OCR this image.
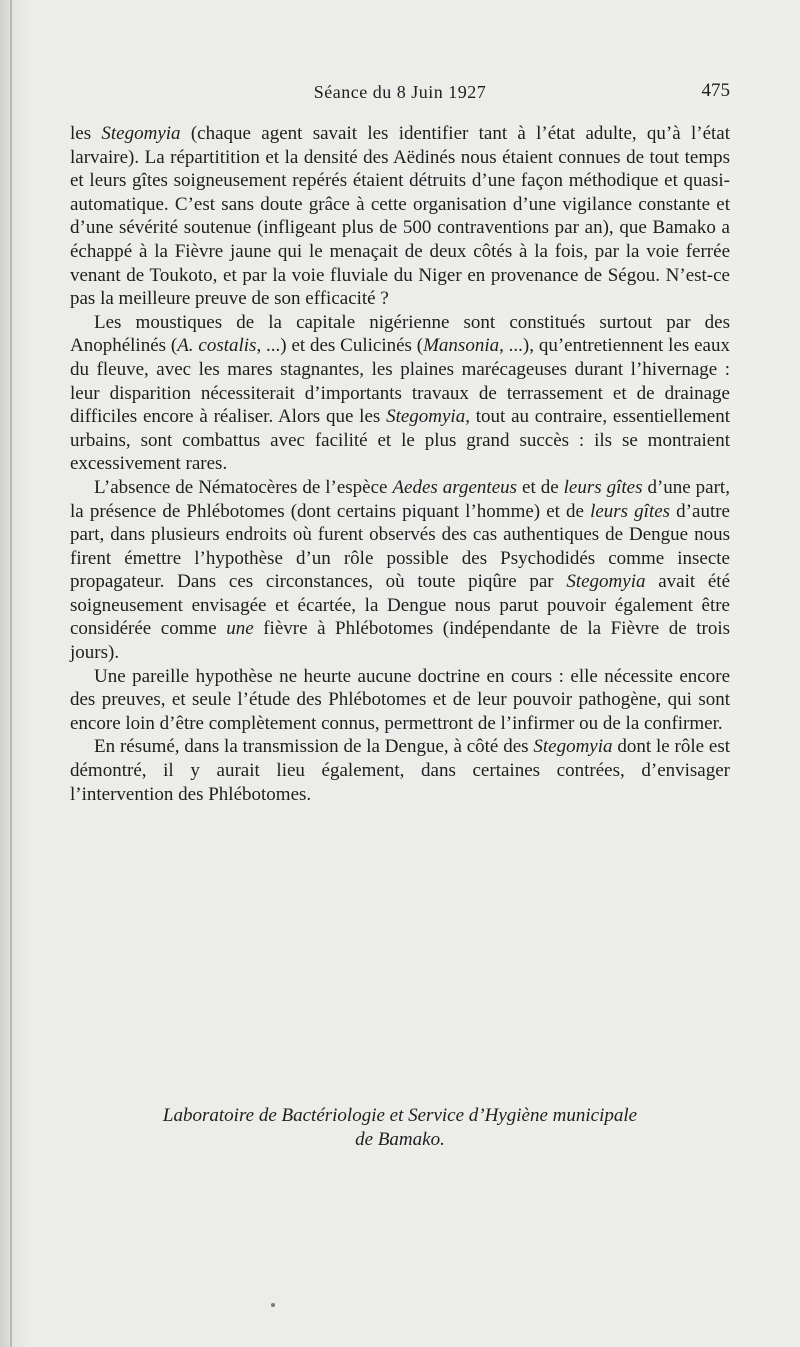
Séance du 8 Juin 1927	475

les Stegomyia (chaque agent savait les identifier tant à l’état adulte, qu’à l’état larvaire). La répartitition et la densité des Aëdinés nous étaient connues de tout temps et leurs gîtes soigneusement repérés étaient détruits d’une façon méthodique et quasi-automatique. C’est sans doute grâce à cette organisation d’une vigilance constante et d’une sévérité soutenue (infligeant plus de 500 contraventions par an), que Bamako a échappé à la Fièvre jaune qui le menaçait de deux côtés à la fois, par la voie ferrée venant de Toukoto, et par la voie fluviale du Niger en provenance de Ségou. N’est-ce pas la meilleure preuve de son efficacité ?

Les moustiques de la capitale nigérienne sont constitués surtout par des Anophélinés (A. costalis, ...) et des Culicinés (Mansonia, ...), qu’entretiennent les eaux du fleuve, avec les mares stagnantes, les plaines marécageuses durant l’hivernage : leur disparition nécessiterait d’importants travaux de terrassement et de drainage difficiles encore à réaliser. Alors que les Stegomyia, tout au contraire, essentiellement urbains, sont combattus avec facilité et le plus grand succès : ils se montraient excessivement rares.

L’absence de Nématocères de l’espèce Aedes argenteus et de leurs gîtes d’une part, la présence de Phlébotomes (dont certains piquant l’homme) et de leurs gîtes d’autre part, dans plusieurs endroits où furent observés des cas authentiques de Dengue nous firent émettre l’hypothèse d’un rôle possible des Psychodidés comme insecte propagateur. Dans ces circonstances, où toute piqûre par Stegomyia avait été soigneusement envisagée et écartée, la Dengue nous parut pouvoir également être considérée comme une fièvre à Phlébotomes (indépendante de la Fièvre de trois jours).

Une pareille hypothèse ne heurte aucune doctrine en cours : elle nécessite encore des preuves, et seule l’étude des Phlébotomes et de leur pouvoir pathogène, qui sont encore loin d’être complètement connus, permettront de l’infirmer ou de la confirmer.

En résumé, dans la transmission de la Dengue, à côté des Stegomyia dont le rôle est démontré, il y aurait lieu également, dans certaines contrées, d’envisager l’intervention des Phlébotomes.

Laboratoire de Bactériologie et Service d’Hygiène municipale
de Bamako.
